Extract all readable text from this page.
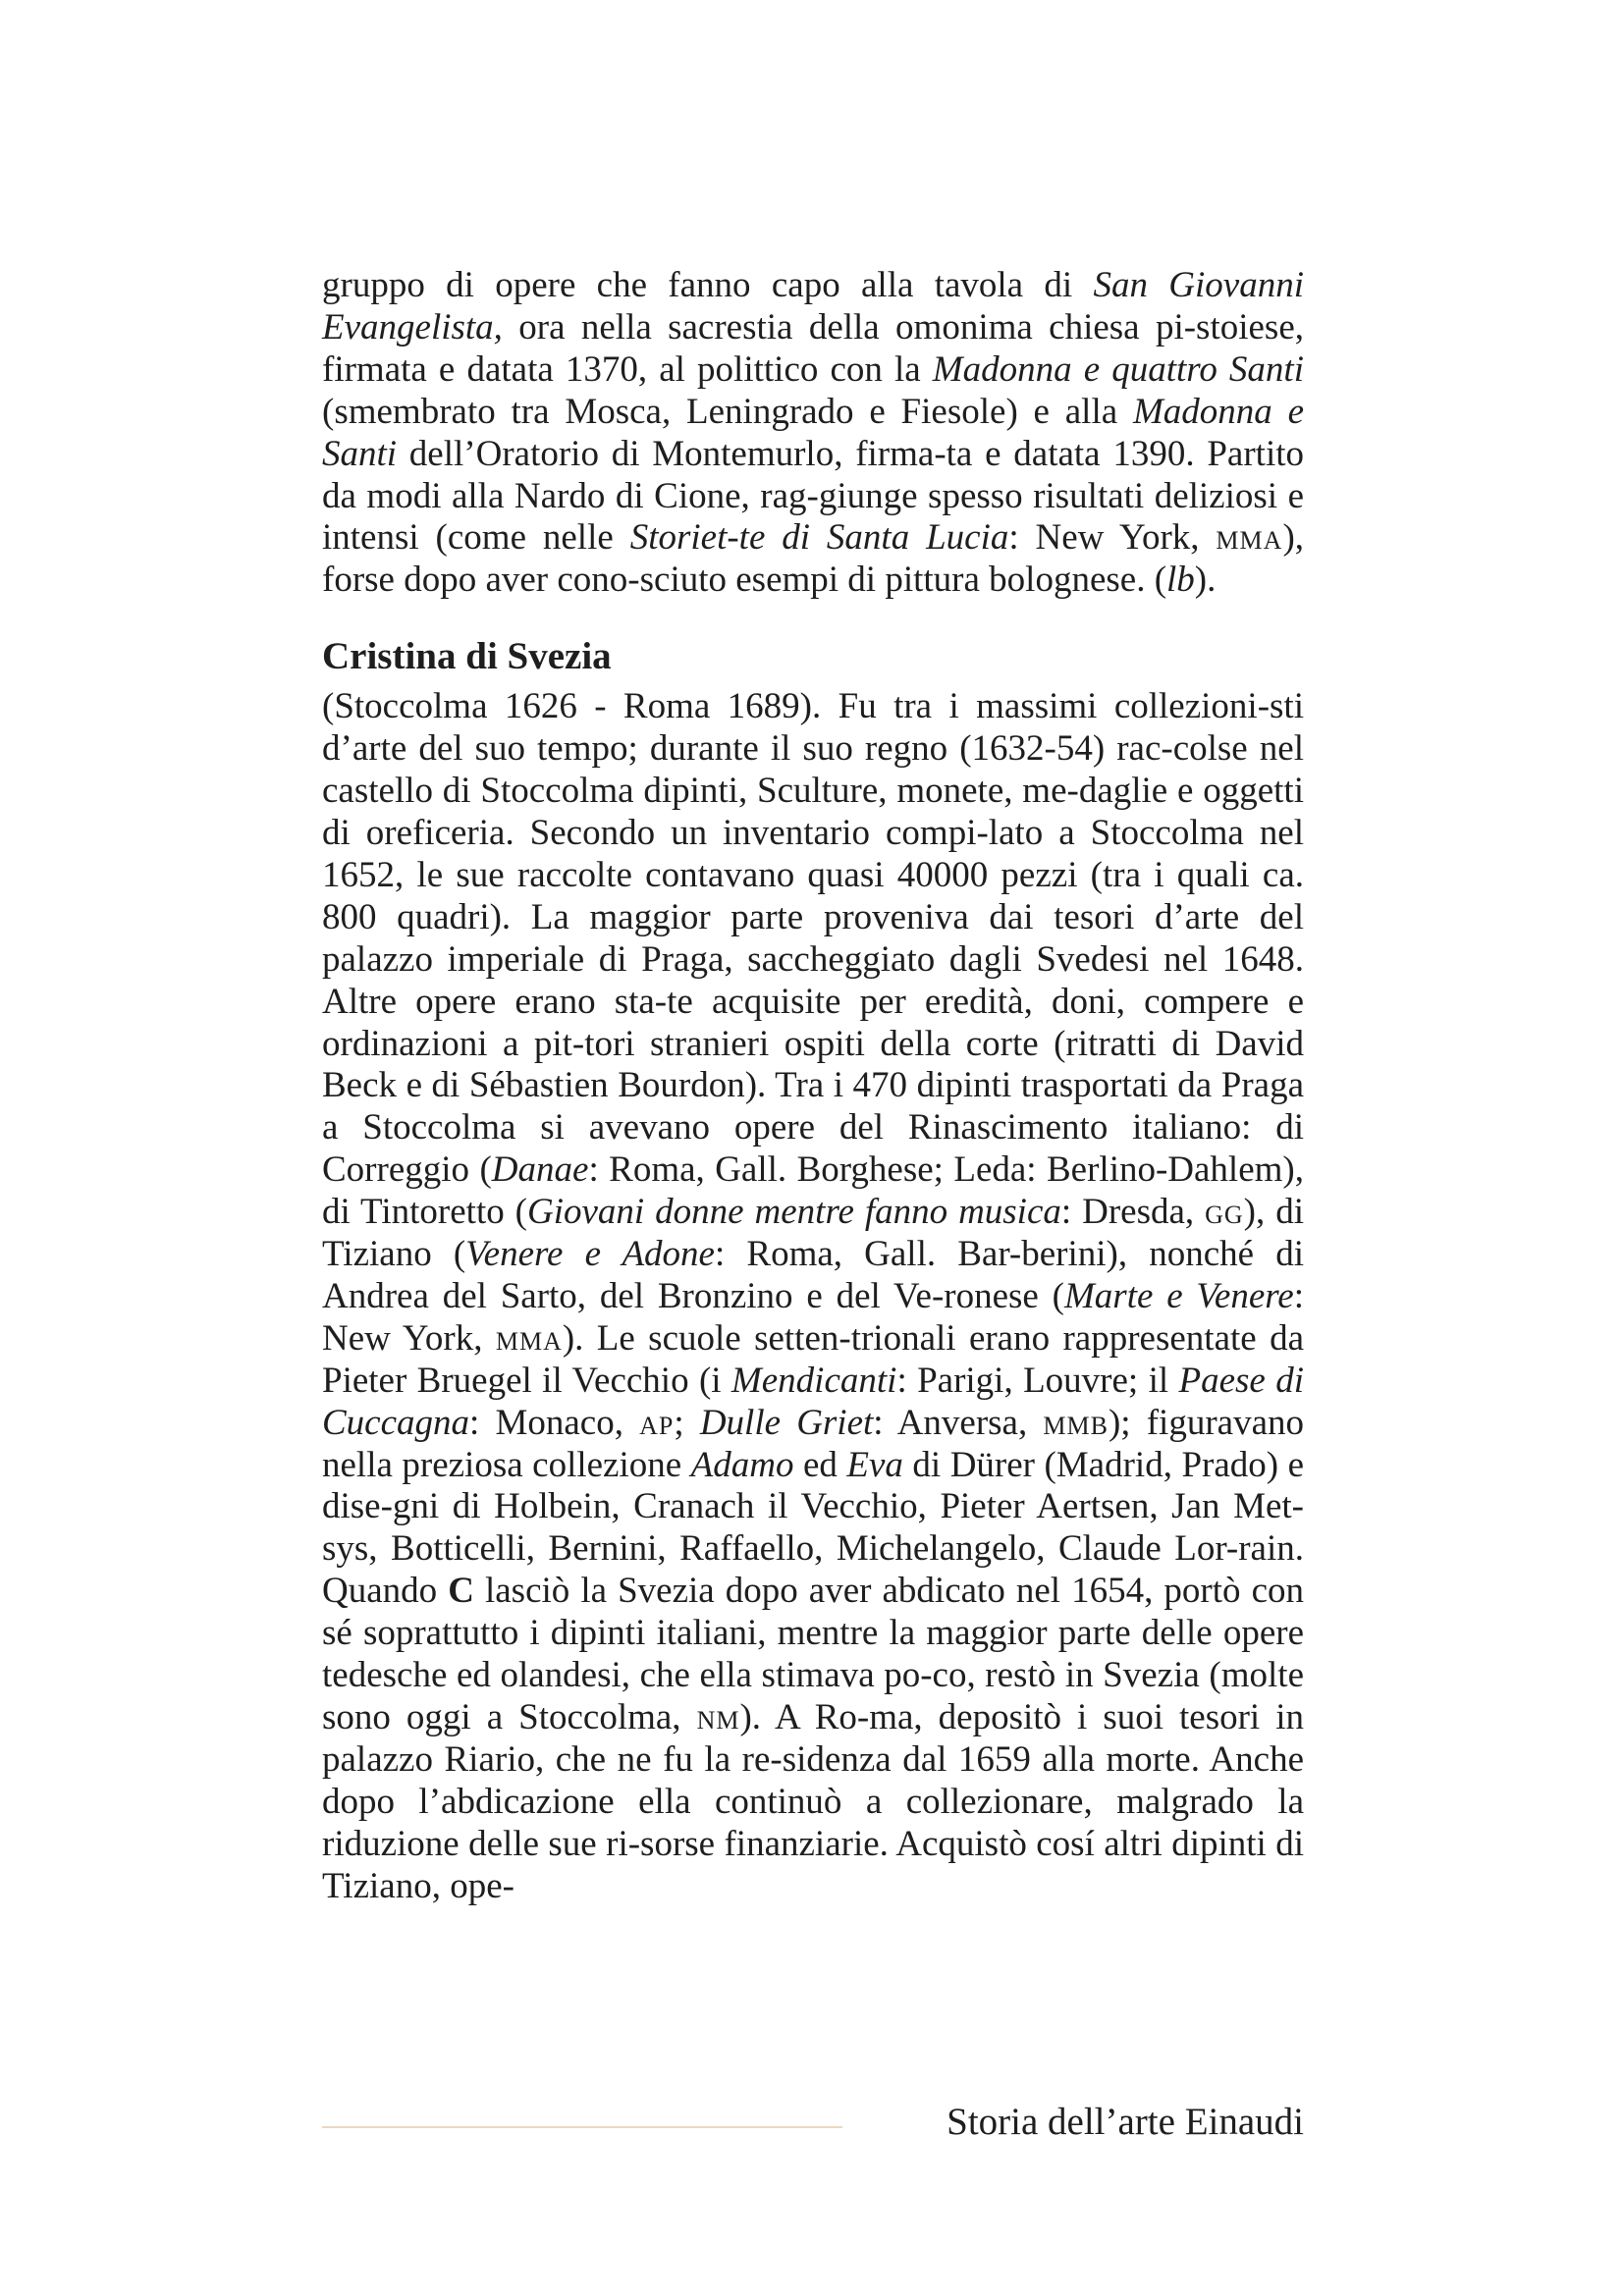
gruppo di opere che fanno capo alla tavola di San Giovanni Evangelista, ora nella sacrestia della omonima chiesa pi-stoiese, firmata e datata 1370, al polittico con la Madonna e quattro Santi (smembrato tra Mosca, Leningrado e Fiesole) e alla Madonna e Santi dell’Oratorio di Montemurlo, firma-ta e datata 1390. Partito da modi alla Nardo di Cione, rag-giunge spesso risultati deliziosi e intensi (come nelle Storiet-te di Santa Lucia: New York, mma), forse dopo aver cono-sciuto esempi di pittura bolognese. (lb).

Cristina di Svezia

(Stoccolma 1626 - Roma 1689). Fu tra i massimi collezioni-sti d’arte del suo tempo; durante il suo regno (1632-54) rac-colse nel castello di Stoccolma dipinti, Sculture, monete, me-daglie e oggetti di oreficeria. Secondo un inventario compi-lato a Stoccolma nel 1652, le sue raccolte contavano quasi 40000 pezzi (tra i quali ca. 800 quadri). La maggior parte proveniva dai tesori d’arte del palazzo imperiale di Praga, saccheggiato dagli Svedesi nel 1648. Altre opere erano sta-te acquisite per eredità, doni, compere e ordinazioni a pit-tori stranieri ospiti della corte (ritratti di David Beck e di Sébastien Bourdon). Tra i 470 dipinti trasportati da Praga a Stoccolma si avevano opere del Rinascimento italiano: di Correggio (Danae: Roma, Gall. Borghese; Leda: Berlino-Dahlem), di Tintoretto (Giovani donne mentre fanno musica: Dresda, gg), di Tiziano (Venere e Adone: Roma, Gall. Bar-berini), nonché di Andrea del Sarto, del Bronzino e del Ve-ronese (Marte e Venere: New York, mma). Le scuole setten-trionali erano rappresentate da Pieter Bruegel il Vecchio (i Mendicanti: Parigi, Louvre; il Paese di Cuccagna: Monaco, ap; Dulle Griet: Anversa, mmb); figuravano nella preziosa collezione Adamo ed Eva di Dürer (Madrid, Prado) e dise-gni di Holbein, Cranach il Vecchio, Pieter Aertsen, Jan Met-sys, Botticelli, Bernini, Raffaello, Michelangelo, Claude Lor-rain. Quando C lasciò la Svezia dopo aver abdicato nel 1654, portò con sé soprattutto i dipinti italiani, mentre la maggior parte delle opere tedesche ed olandesi, che ella stimava po-co, restò in Svezia (molte sono oggi a Stoccolma, nm). A Ro-ma, depositò i suoi tesori in palazzo Riario, che ne fu la re-sidenza dal 1659 alla morte. Anche dopo l’abdicazione ella continuò a collezionare, malgrado la riduzione delle sue ri-sorse finanziarie. Acquistò cosí altri dipinti di Tiziano, ope-

Storia dell’arte Einaudi
